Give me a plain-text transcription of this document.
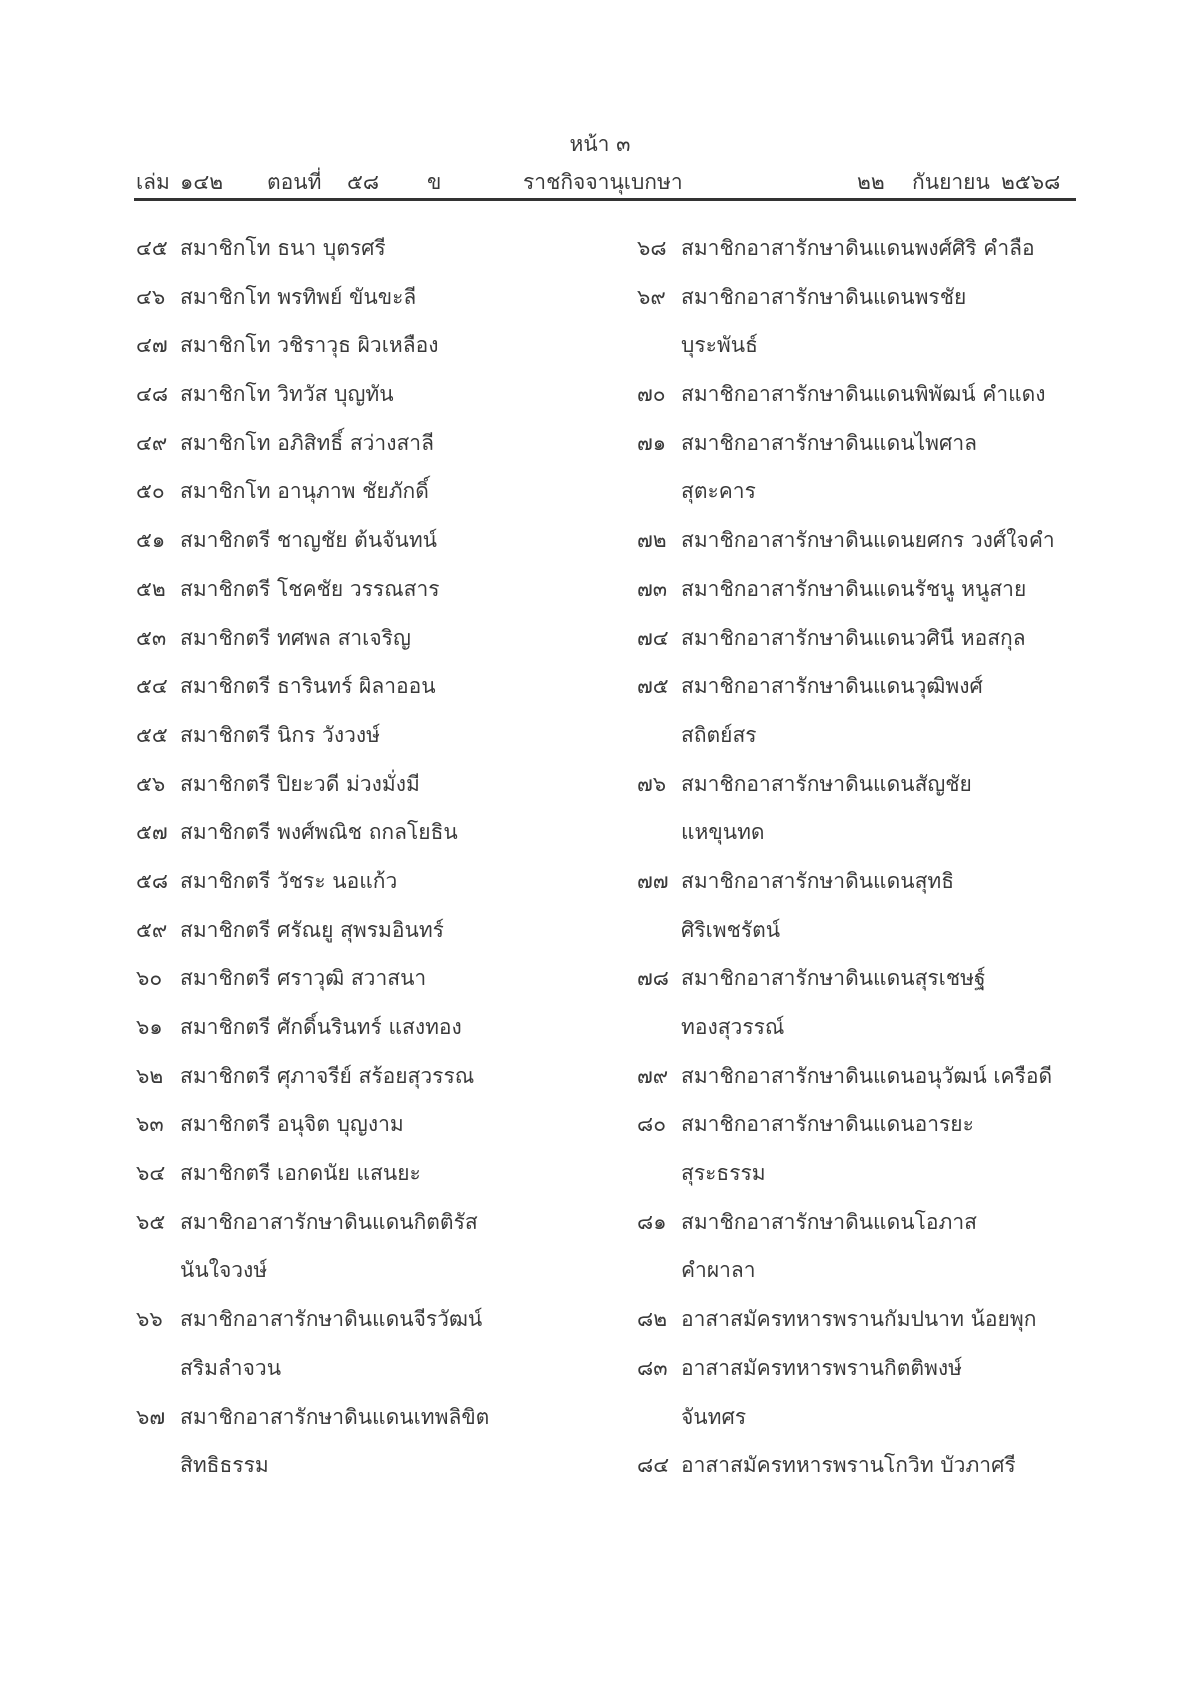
หน้า ๓
เล่ม ๑๔๒ ตอนที่ ๕๘ ข	ราชกิจจานุเบกษา	๒๒ กันยายน ๒๕๖๘
๔๕ สมาชิกโท ธนา บุตรศรี
๔๖ สมาชิกโท พรทิพย์ ขันขะลี
๔๗ สมาชิกโท วชิราวุธ ผิวเหลือง
๔๘ สมาชิกโท วิทวัส บุญทัน
๔๙ สมาชิกโท อภิสิทธิ์ สว่างสาลี
๕๐ สมาชิกโท อานุภาพ ชัยภักดิ์
๕๑ สมาชิกตรี ชาญชัย ต้นจันทน์
๕๒ สมาชิกตรี โชคชัย วรรณสาร
๕๓ สมาชิกตรี ทศพล สาเจริญ
๕๔ สมาชิกตรี ธารินทร์ ผิลาออน
๕๕ สมาชิกตรี นิกร วังวงษ์
๕๖ สมาชิกตรี ปิยะวดี ม่วงมั่งมี
๕๗ สมาชิกตรี พงศ์พณิช ถกลโยธิน
๕๘ สมาชิกตรี วัชระ นอแก้ว
๕๙ สมาชิกตรี ศรัณยู สุพรมอินทร์
๖๐ สมาชิกตรี ศราวุฒิ สวาสนา
๖๑ สมาชิกตรี ศักดิ์นรินทร์ แสงทอง
๖๒ สมาชิกตรี ศุภาจรีย์ สร้อยสุวรรณ
๖๓ สมาชิกตรี อนุจิต บุญงาม
๖๔ สมาชิกตรี เอกดนัย แสนยะ
๖๕ สมาชิกอาสารักษาดินแดนกิตติรัส
นันใจวงษ์
๖๖ สมาชิกอาสารักษาดินแดนจีรวัฒน์
สริมลำจวน
๖๗ สมาชิกอาสารักษาดินแดนเทพลิขิต
สิทธิธรรม
๖๘ สมาชิกอาสารักษาดินแดนพงศ์ศิริ คำลือ
๖๙ สมาชิกอาสารักษาดินแดนพรชัย
บุระพันธ์
๗๐ สมาชิกอาสารักษาดินแดนพิพัฒน์ คำแดง
๗๑ สมาชิกอาสารักษาดินแดนไพศาล
สุตะคาร
๗๒ สมาชิกอาสารักษาดินแดนยศกร วงศ์ใจคำ
๗๓ สมาชิกอาสารักษาดินแดนรัชนู หนูสาย
๗๔ สมาชิกอาสารักษาดินแดนวศินี หอสกุล
๗๕ สมาชิกอาสารักษาดินแดนวุฒิพงศ์
สถิตย์สร
๗๖ สมาชิกอาสารักษาดินแดนสัญชัย
แหขุนทด
๗๗ สมาชิกอาสารักษาดินแดนสุทธิ
ศิริเพชรัตน์
๗๘ สมาชิกอาสารักษาดินแดนสุรเชษฐ์
ทองสุวรรณ์
๗๙ สมาชิกอาสารักษาดินแดนอนุวัฒน์ เครือดี
๘๐ สมาชิกอาสารักษาดินแดนอารยะ
สุระธรรม
๘๑ สมาชิกอาสารักษาดินแดนโอภาส
คำผาลา
๘๒ อาสาสมัครทหารพรานกัมปนาท น้อยพุก
๘๓ อาสาสมัครทหารพรานกิตติพงษ์
จันทศร
๘๔ อาสาสมัครทหารพรานโกวิท บัวภาศรี
